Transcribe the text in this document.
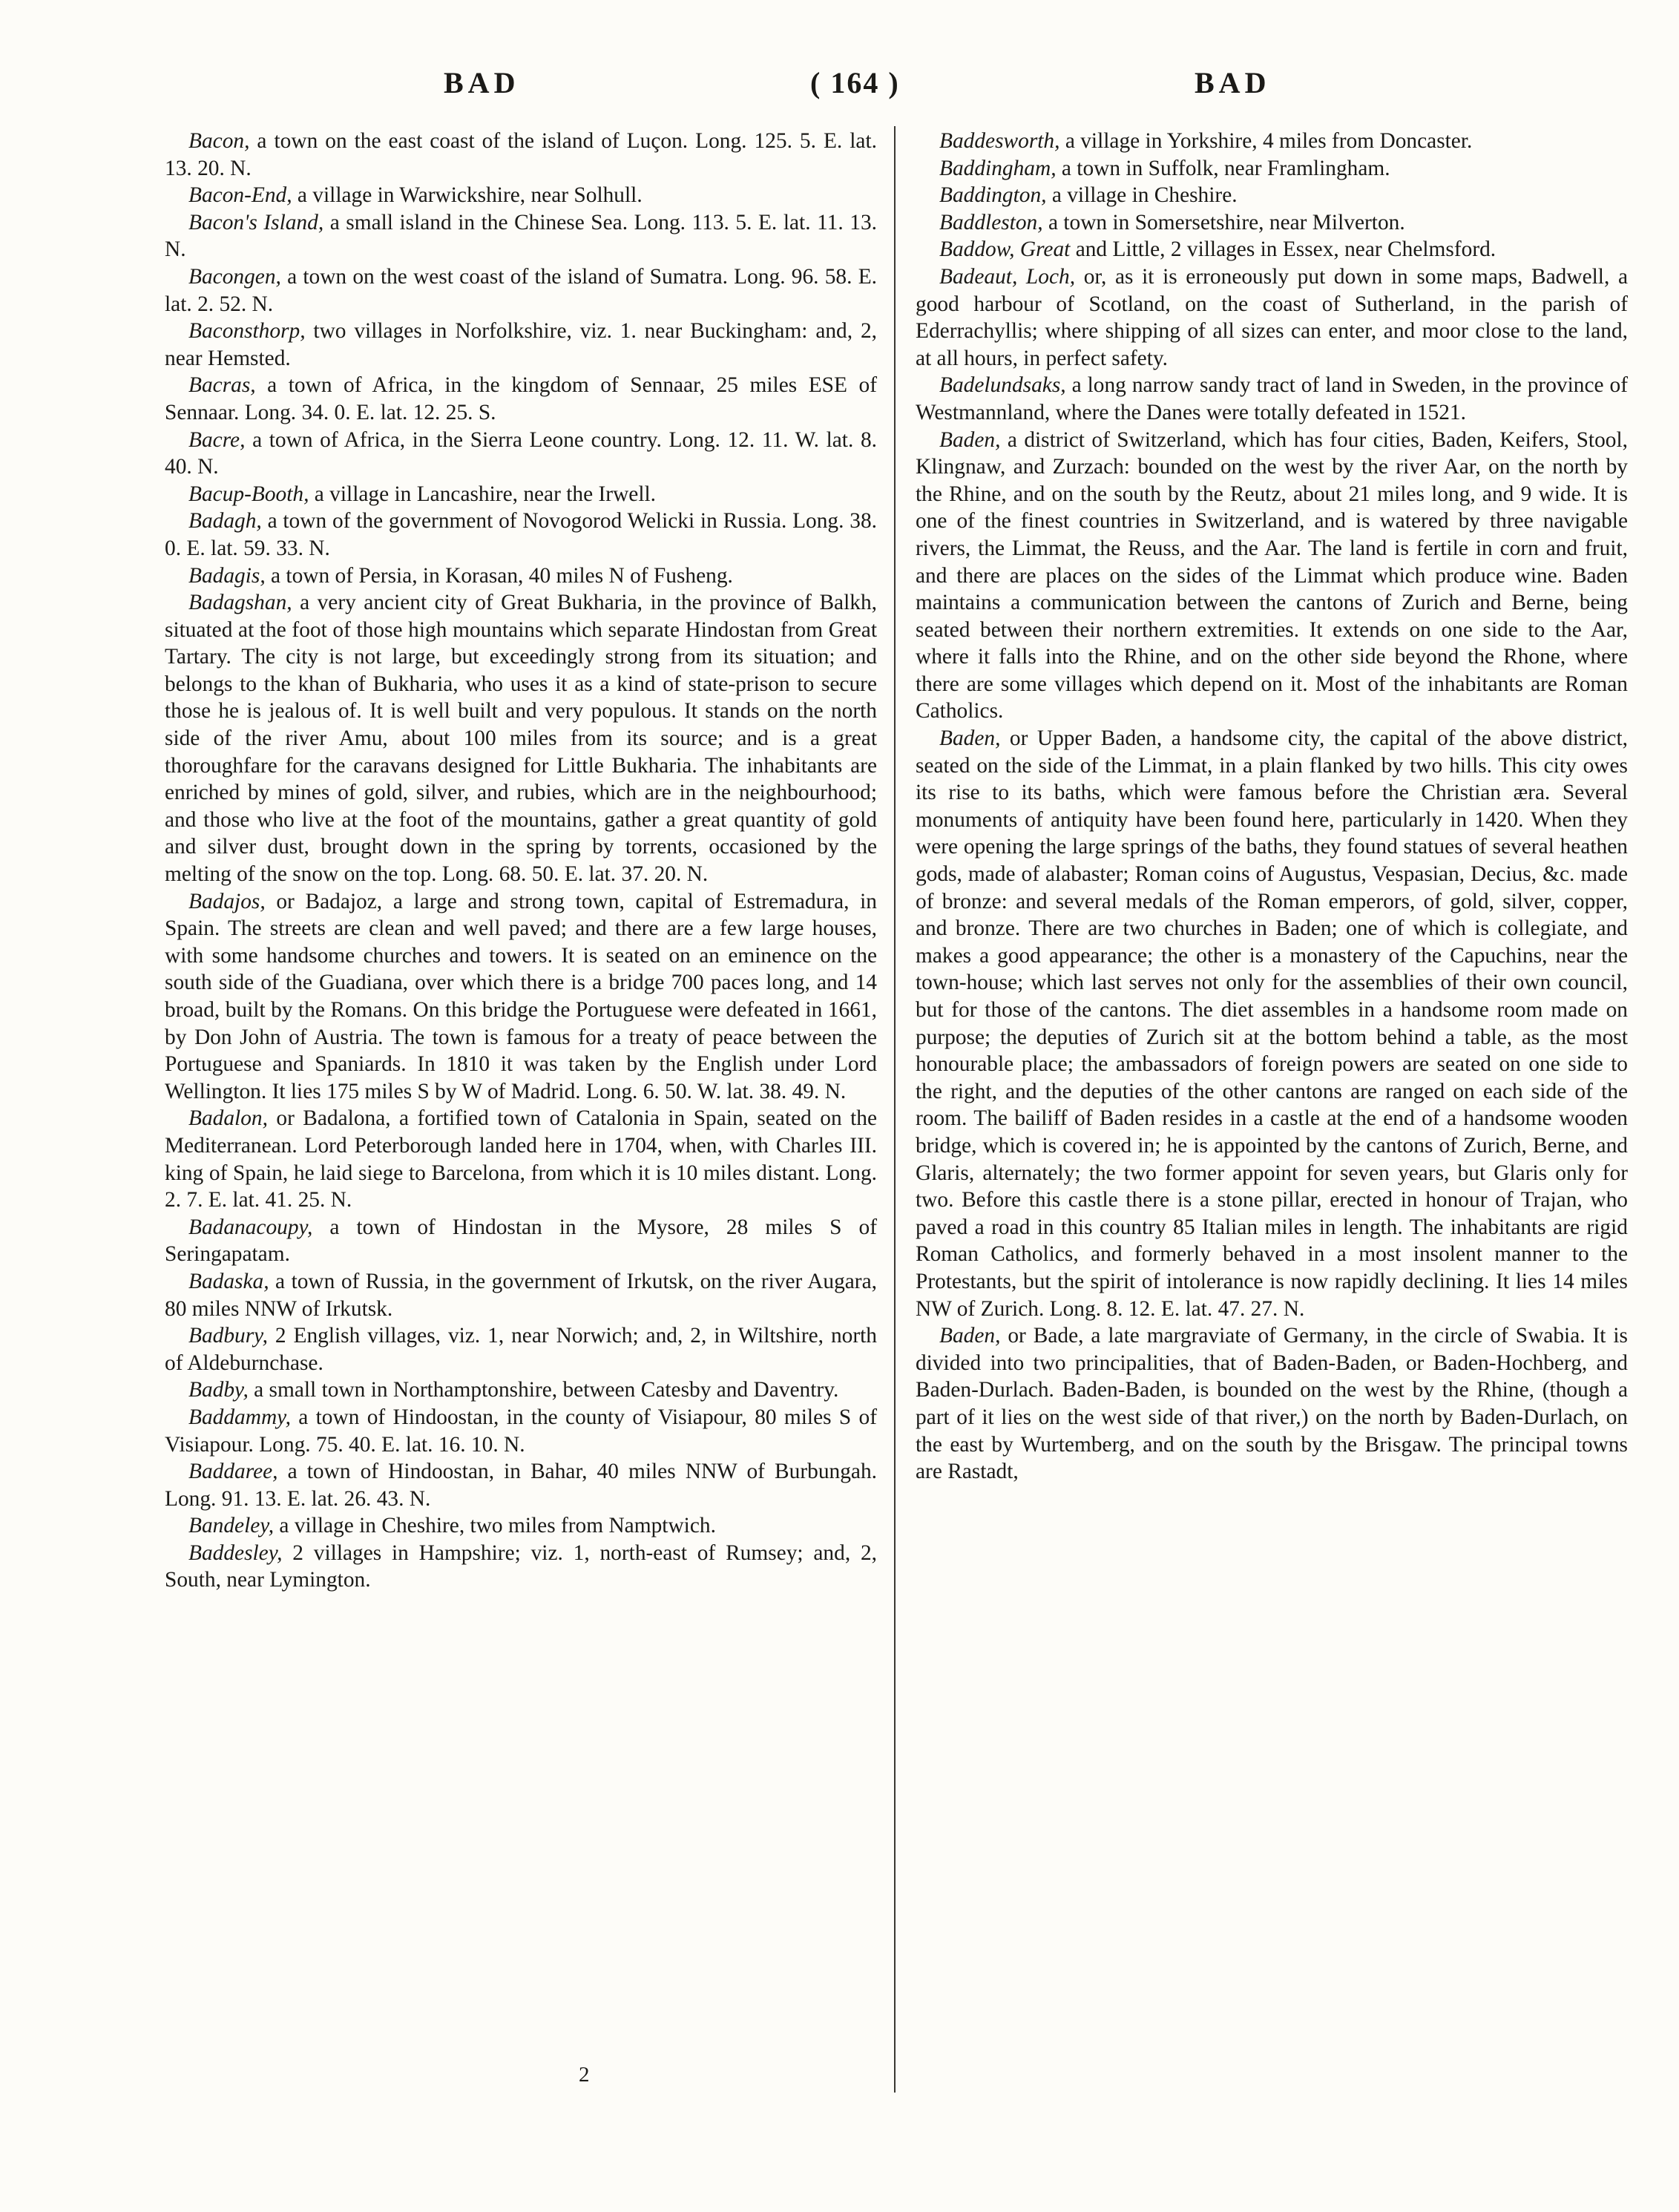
BAD	( 164 )	BAD

Bacon, a town on the east coast of the island of Luçon. Long. 125. 5. E. lat. 13. 20. N.

Bacon-End, a village in Warwickshire, near Solhull.

Bacon's Island, a small island in the Chinese Sea. Long. 113. 5. E. lat. 11. 13. N.

Bacongen, a town on the west coast of the island of Sumatra. Long. 96. 58. E. lat. 2. 52. N.

Baconsthorp, two villages in Norfolkshire, viz. 1. near Buckingham: and, 2, near Hemsted.

Bacras, a town of Africa, in the kingdom of Sennaar, 25 miles ESE of Sennaar. Long. 34. 0. E. lat. 12. 25. S.

Bacre, a town of Africa, in the Sierra Leone country. Long. 12. 11. W. lat. 8. 40. N.

Bacup-Booth, a village in Lancashire, near the Irwell.

Badagh, a town of the government of Novogorod Welicki in Russia. Long. 38. 0. E. lat. 59. 33. N.

Badagis, a town of Persia, in Korasan, 40 miles N of Fusheng.

Badagshan, a very ancient city of Great Bukharia, in the province of Balkh, situated at the foot of those high mountains which separate Hindostan from Great Tartary. The city is not large, but exceedingly strong from its situation; and belongs to the khan of Bukharia, who uses it as a kind of state-prison to secure those he is jealous of. It is well built and very populous. It stands on the north side of the river Amu, about 100 miles from its source; and is a great thoroughfare for the caravans designed for Little Bukharia. The inhabitants are enriched by mines of gold, silver, and rubies, which are in the neighbourhood; and those who live at the foot of the mountains, gather a great quantity of gold and silver dust, brought down in the spring by torrents, occasioned by the melting of the snow on the top. Long. 68. 50. E. lat. 37. 20. N.

Badajos, or Badajoz, a large and strong town, capital of Estremadura, in Spain. The streets are clean and well paved; and there are a few large houses, with some handsome churches and towers. It is seated on an eminence on the south side of the Guadiana, over which there is a bridge 700 paces long, and 14 broad, built by the Romans. On this bridge the Portuguese were defeated in 1661, by Don John of Austria. The town is famous for a treaty of peace between the Portuguese and Spaniards. In 1810 it was taken by the English under Lord Wellington. It lies 175 miles S by W of Madrid. Long. 6. 50. W. lat. 38. 49. N.

Badalon, or Badalona, a fortified town of Catalonia in Spain, seated on the Mediterranean. Lord Peterborough landed here in 1704, when, with Charles III. king of Spain, he laid siege to Barcelona, from which it is 10 miles distant. Long. 2. 7. E. lat. 41. 25. N.

Badanacoupy, a town of Hindostan in the Mysore, 28 miles S of Seringapatam.

Badaska, a town of Russia, in the government of Irkutsk, on the river Augara, 80 miles NNW of Irkutsk.

Badbury, 2 English villages, viz. 1, near Norwich; and, 2, in Wiltshire, north of Aldeburnchase.

Badby, a small town in Northamptonshire, between Catesby and Daventry.

Baddammy, a town of Hindoostan, in the county of Visiapour, 80 miles S of Visiapour. Long. 75. 40. E. lat. 16. 10. N.

Baddaree, a town of Hindoostan, in Bahar, 40 miles NNW of Burbungah. Long. 91. 13. E. lat. 26. 43. N.

Bandeley, a village in Cheshire, two miles from Namptwich.

Baddesley, 2 villages in Hampshire; viz. 1, north-east of Rumsey; and, 2, South, near Lymington.

Baddesworth, a village in Yorkshire, 4 miles from Doncaster.

Baddingham, a town in Suffolk, near Framlingham.

Baddington, a village in Cheshire.

Baddleston, a town in Somersetshire, near Milverton.

Baddow, Great and Little, 2 villages in Essex, near Chelmsford.

Badeaut, Loch, or, as it is erroneously put down in some maps, Badwell, a good harbour of Scotland, on the coast of Sutherland, in the parish of Ederrachyllis; where shipping of all sizes can enter, and moor close to the land, at all hours, in perfect safety.

Badelundsaks, a long narrow sandy tract of land in Sweden, in the province of Westmannland, where the Danes were totally defeated in 1521.

Baden, a district of Switzerland, which has four cities, Baden, Keifers, Stool, Klingnaw, and Zurzach: bounded on the west by the river Aar, on the north by the Rhine, and on the south by the Reutz, about 21 miles long, and 9 wide. It is one of the finest countries in Switzerland, and is watered by three navigable rivers, the Limmat, the Reuss, and the Aar. The land is fertile in corn and fruit, and there are places on the sides of the Limmat which produce wine. Baden maintains a communication between the cantons of Zurich and Berne, being seated between their northern extremities. It extends on one side to the Aar, where it falls into the Rhine, and on the other side beyond the Rhone, where there are some villages which depend on it. Most of the inhabitants are Roman Catholics.

Baden, or Upper Baden, a handsome city, the capital of the above district, seated on the side of the Limmat, in a plain flanked by two hills. This city owes its rise to its baths, which were famous before the Christian æra. Several monuments of antiquity have been found here, particularly in 1420. When they were opening the large springs of the baths, they found statues of several heathen gods, made of alabaster; Roman coins of Augustus, Vespasian, Decius, &c. made of bronze: and several medals of the Roman emperors, of gold, silver, copper, and bronze. There are two churches in Baden; one of which is collegiate, and makes a good appearance; the other is a monastery of the Capuchins, near the town-house; which last serves not only for the assemblies of their own council, but for those of the cantons. The diet assembles in a handsome room made on purpose; the deputies of Zurich sit at the bottom behind a table, as the most honourable place; the ambassadors of foreign powers are seated on one side to the right, and the deputies of the other cantons are ranged on each side of the room. The bailiff of Baden resides in a castle at the end of a handsome wooden bridge, which is covered in; he is appointed by the cantons of Zurich, Berne, and Glaris, alternately; the two former appoint for seven years, but Glaris only for two. Before this castle there is a stone pillar, erected in honour of Trajan, who paved a road in this country 85 Italian miles in length. The inhabitants are rigid Roman Catholics, and formerly behaved in a most insolent manner to the Protestants, but the spirit of intolerance is now rapidly declining. It lies 14 miles NW of Zurich. Long. 8. 12. E. lat. 47. 27. N.

Baden, or Bade, a late margraviate of Germany, in the circle of Swabia. It is divided into two principalities, that of Baden-Baden, or Baden-Hochberg, and Baden-Durlach. Baden-Baden, is bounded on the west by the Rhine, (though a part of it lies on the west side of that river,) on the north by Baden-Durlach, on the east by Wurtemberg, and on the south by the Brisgaw. The principal towns are Rastadt,

2
